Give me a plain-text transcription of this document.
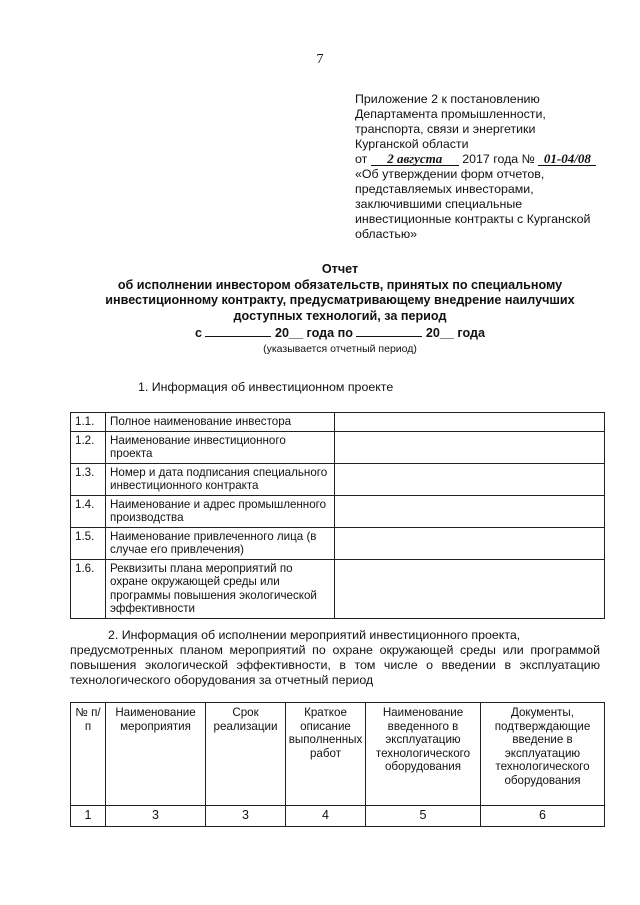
7
Приложение 2 к постановлению
Департамента промышленности,
транспорта, связи и энергетики
Курганской области
от 2 августа 2017 года № 01-04/08
«Об утверждении форм отчетов,
представляемых инвесторами,
заключившими специальные
инвестиционные контракты с Курганской
областью»
Отчет
об исполнении инвестором обязательств, принятых по специальному
инвестиционному контракту, предусматривающему внедрение наилучших
доступных технологий, за период
с	20__ года по	20__ года
(указывается отчетный период)
1. Информация об инвестиционном проекте
1.1.	Полное наименование инвестора	
1.2.	Наименование инвестиционного проекта	
1.3.	Номер и дата подписания специального инвестиционного контракта	
1.4.	Наименование и адрес промышленного производства	
1.5.	Наименование привлеченного лица (в случае его привлечения)	
1.6.	Реквизиты плана мероприятий по охране окружающей среды или программы повышения экологической эффективности	
2. Информация об исполнении мероприятий инвестиционного проекта,
предусмотренных планом мероприятий по охране окружающей среды или программой повышения экологической эффективности, в том числе о введении в эксплуатацию технологического оборудования за отчетный период
№ п/п	Наименование мероприятия	Срок реализации	Краткое описание выполненных работ	Наименование введенного в эксплуатацию технологического оборудования	Документы, подтверждающие введение в эксплуатацию технологического оборудования
1	3	3	4	5	6
